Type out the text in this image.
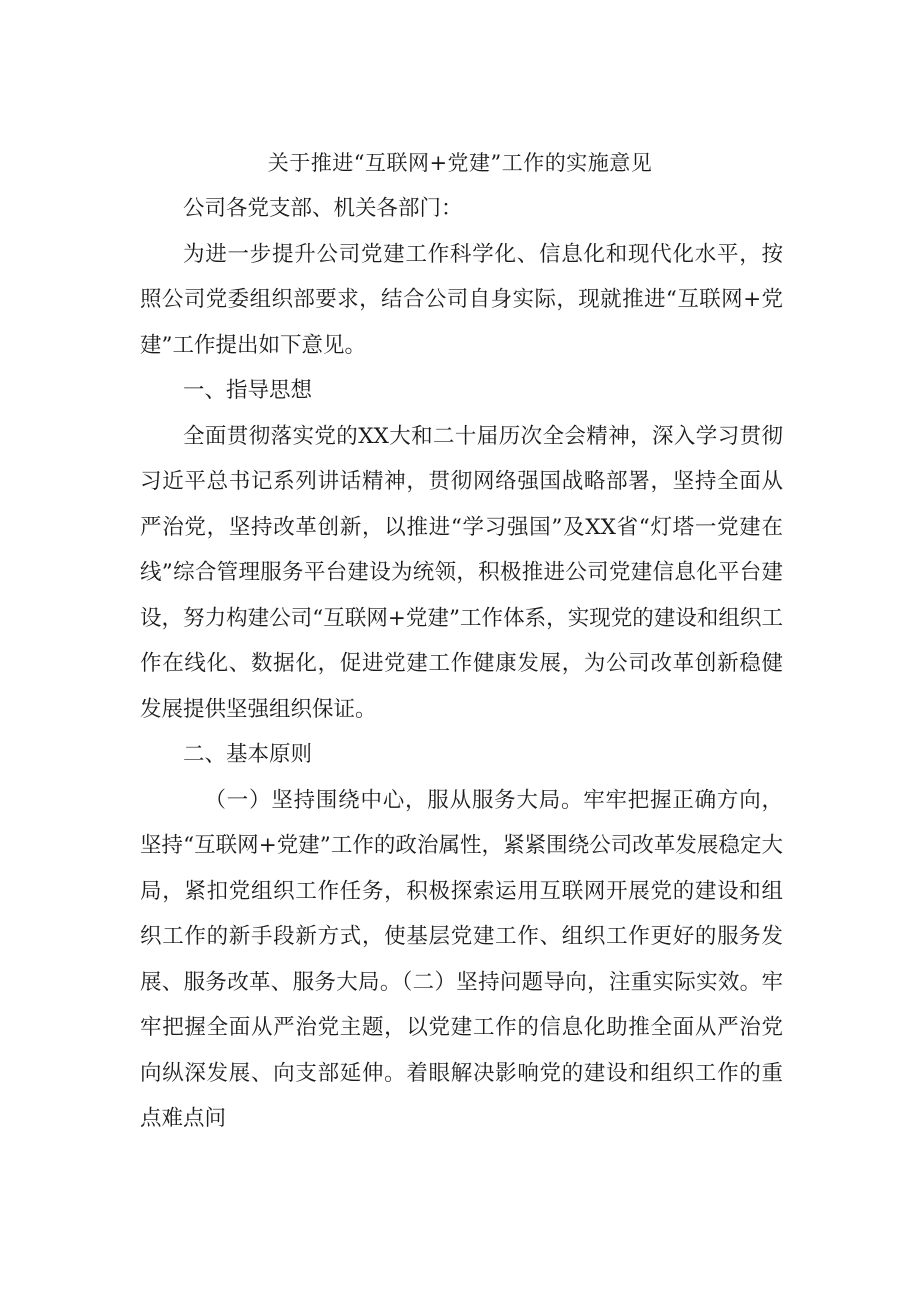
关于推进“互联网+党建”工作的实施意见

公司各党支部、机关各部门：

为进一步提升公司党建工作科学化、信息化和现代化水平，按照公司党委组织部要求，结合公司自身实际，现就推进“互联网+党建”工作提出如下意见。

一、指导思想

全面贯彻落实党的XX大和二十届历次全会精神，深入学习贯彻习近平总书记系列讲话精神，贯彻网络强国战略部署，坚持全面从严治党，坚持改革创新，以推进“学习强国”及XX省“灯塔一党建在线”综合管理服务平台建设为统领，积极推进公司党建信息化平台建设，努力构建公司“互联网+党建”工作体系，实现党的建设和组织工作在线化、数据化，促进党建工作健康发展，为公司改革创新稳健发展提供坚强组织保证。

二、基本原则

（一）坚持围绕中心，服从服务大局。牢牢把握正确方向，坚持“互联网+党建”工作的政治属性，紧紧围绕公司改革发展稳定大局，紧扣党组织工作任务，积极探索运用互联网开展党的建设和组织工作的新手段新方式，使基层党建工作、组织工作更好的服务发展、服务改革、服务大局。（二）坚持问题导向，注重实际实效。牢牢把握全面从严治党主题，以党建工作的信息化助推全面从严治党向纵深发展、向支部延伸。着眼解决影响党的建设和组织工作的重点难点问
